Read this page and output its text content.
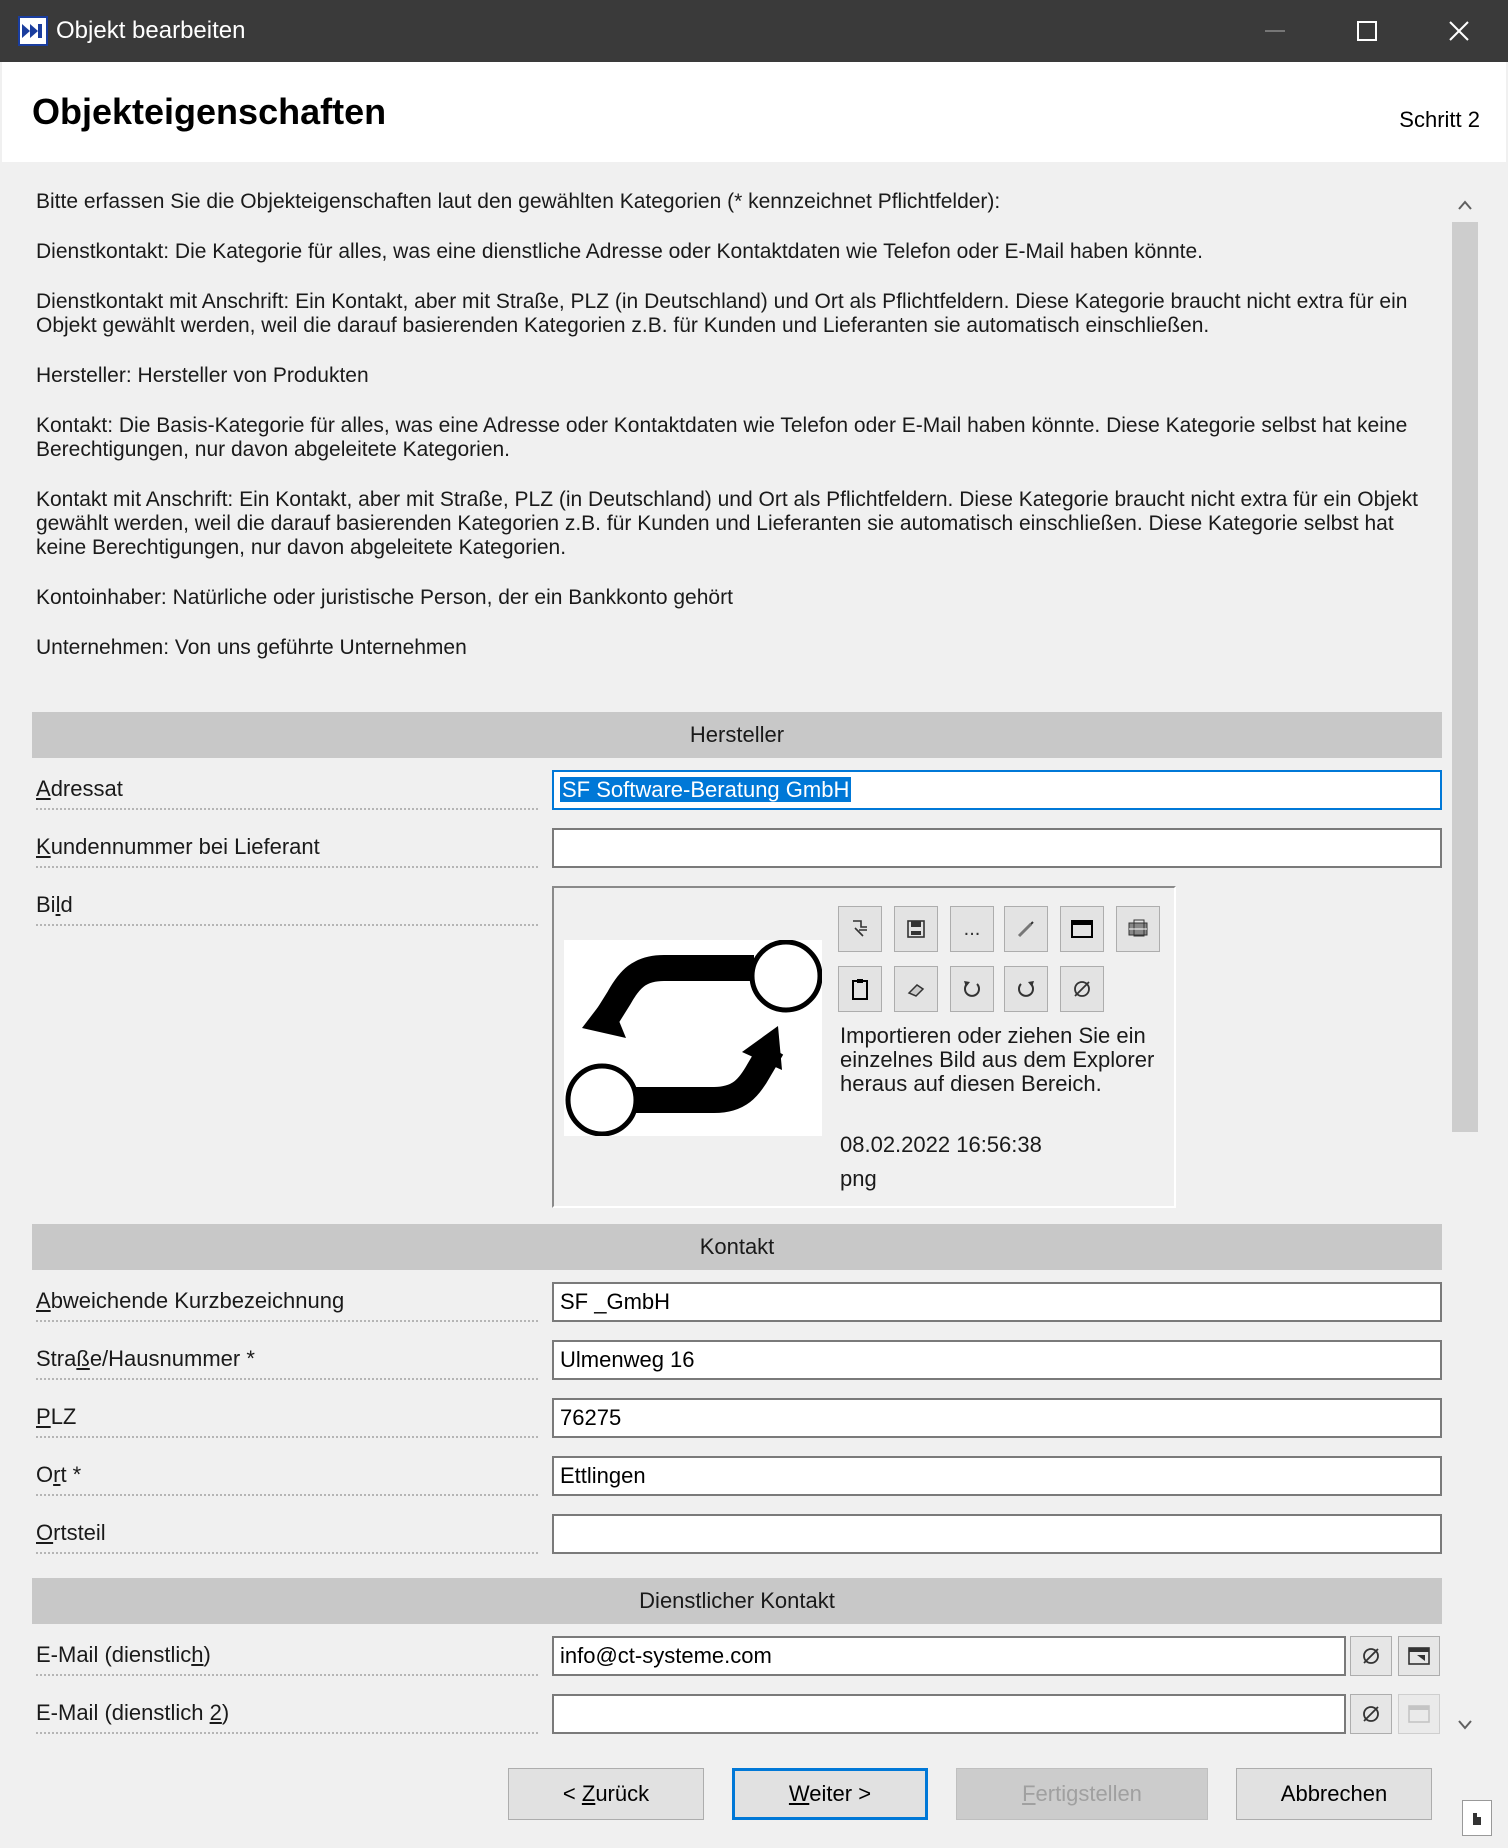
Objekt bearbeiten
Objekteigenschaften	Schritt 2

Bitte erfassen Sie die Objekteigenschaften laut den gewählten Kategorien (* kennzeichnet Pflichtfelder):

Dienstkontakt: Die Kategorie für alles, was eine dienstliche Adresse oder Kontaktdaten wie Telefon oder E-Mail haben könnte.

Dienstkontakt mit Anschrift: Ein Kontakt, aber mit Straße, PLZ (in Deutschland) und Ort als Pflichtfeldern. Diese Kategorie braucht nicht extra für ein Objekt gewählt werden, weil die darauf basierenden Kategorien z.B. für Kunden und Lieferanten sie automatisch einschließen.

Hersteller: Hersteller von Produkten

Kontakt: Die Basis-Kategorie für alles, was eine Adresse oder Kontaktdaten wie Telefon oder E-Mail haben könnte. Diese Kategorie selbst hat keine Berechtigungen, nur davon abgeleitete Kategorien.

Kontakt mit Anschrift: Ein Kontakt, aber mit Straße, PLZ (in Deutschland) und Ort als Pflichtfeldern. Diese Kategorie braucht nicht extra für ein Objekt gewählt werden, weil die darauf basierenden Kategorien z.B. für Kunden und Lieferanten sie automatisch einschließen. Diese Kategorie selbst hat keine Berechtigungen, nur davon abgeleitete Kategorien.

Kontoinhaber: Natürliche oder juristische Person, der ein Bankkonto gehört

Unternehmen: Von uns geführte Unternehmen

Hersteller
Adressat	SF Software-Beratung GmbH
Kundennummer bei Lieferant
Bild
...
Importieren oder ziehen Sie ein einzelnes Bild aus dem Explorer heraus auf diesen Bereich.
08.02.2022 16:56:38
png
Kontakt
Abweichende Kurzbezeichnung	SF _GmbH
Straße/Hausnummer *	Ulmenweg 16
PLZ	76275
Ort *	Ettlingen
Ortsteil
Dienstlicher Kontakt
E-Mail (dienstlich)	info@ct-systeme.com
E-Mail (dienstlich 2)
< Zurück	Weiter >	Fertigstellen	Abbrechen
